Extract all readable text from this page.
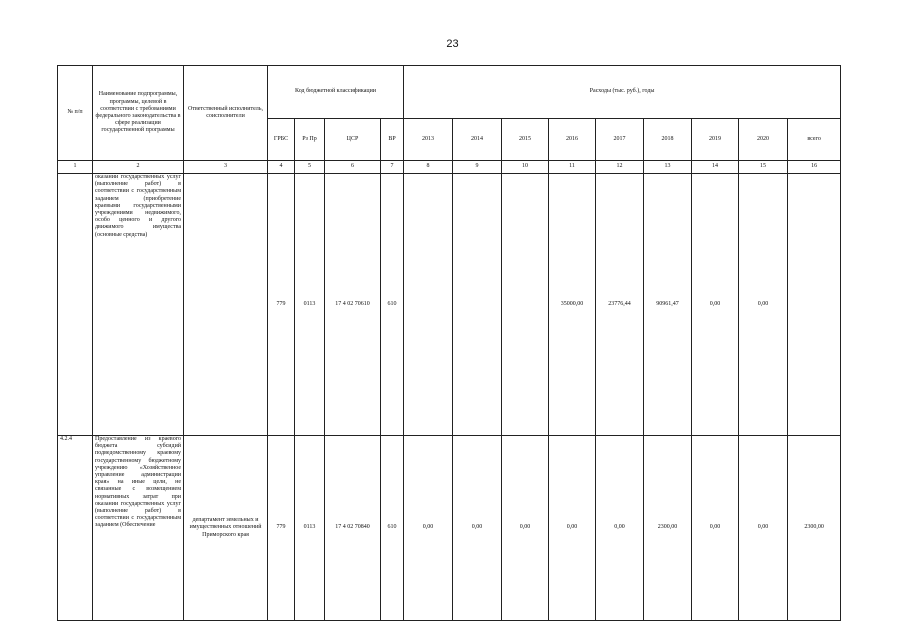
23
№ п/п	Наименование подпрограммы, программы, целевой в соответствии с требованиями федерального законодательства в сфере реализации государственной программы	Ответственный исполнитель, соисполнители	Код бюджетной классификации				Расходы (тыс. руб.), годы								
			ГРБС	Рз Пр	ЦСР	ВР	2013	2014	2015	2016	2017	2018	2019	2020	всего
1	2	3	4	5	6	7	8	9	10	11	12	13	14	15	16
	оказании государственных услуг (выполнение работ) в соответствии с государственным заданием (приобретение краевыми государственными учреждениями недвижимого, особо ценного и другого движимого имущества (основные средства)		779	0113	17 4 02 70610	610				35000,00	23776,44	90961,47	0,00	0,00	
4.2.4	Предоставление из краевого бюджета субсидий подведомственному краевому государственному бюджетному учреждению «Хозяйственное управление администрации края» на иные цели, не связанные с возмещением нормативных затрат при оказании государственных услуг (выполнение работ) в соответствии с государственным заданием (Обеспечение	департамент земельных и имущественных отношений Приморского края	779	0113	17 4 02 70840	610	0,00	0,00	0,00	0,00	0,00	2300,00	0,00	0,00	2300,00
